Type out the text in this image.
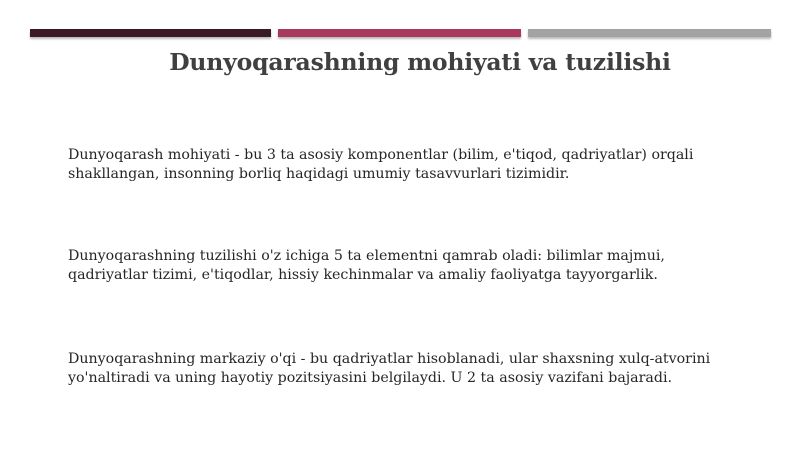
Dunyoqarashning mohiyati va tuzilishi

Dunyoqarash mohiyati - bu 3 ta asosiy komponentlar (bilim, e'tiqod, qadriyatlar) orqali
shakllangan, insonning borliq haqidagi umumiy tasavvurlari tizimidir.

Dunyoqarashning tuzilishi o'z ichiga 5 ta elementni qamrab oladi: bilimlar majmui,
qadriyatlar tizimi, e'tiqodlar, hissiy kechinmalar va amaliy faoliyatga tayyorgarlik.

Dunyoqarashning markaziy o'qi - bu qadriyatlar hisoblanadi, ular shaxsning xulq-atvorini
yo'naltiradi va uning hayotiy pozitsiyasini belgilaydi. U 2 ta asosiy vazifani bajaradi.
